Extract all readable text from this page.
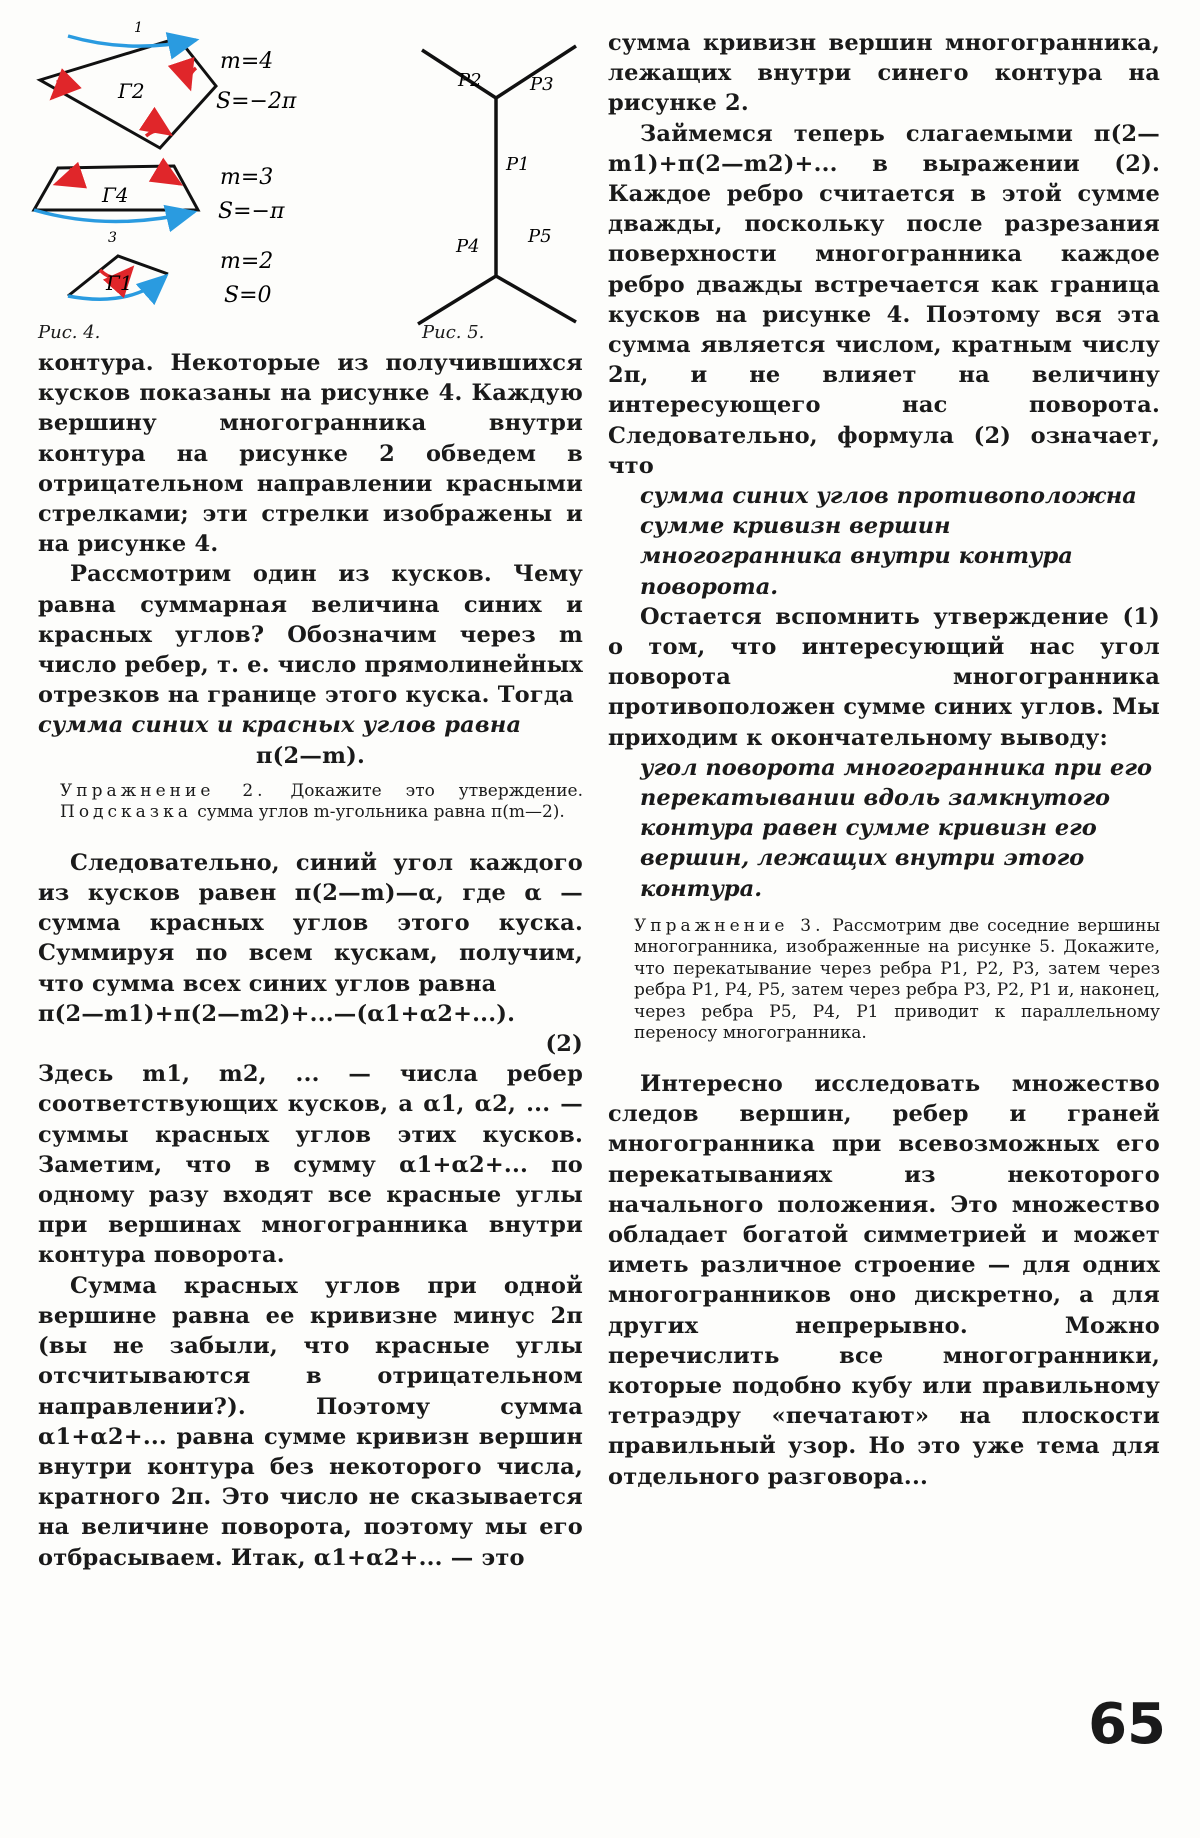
1
Γ2
m=4
S=−2π
Γ4
3
m=3
S=−π
Γ1
m=2
S=0
Рис. 4.
P2	P3
P1
P4	P5
Рис. 5.

контура. Некоторые из получившихся кусков показаны на рисунке 4. Каждую вершину многогранника внутри контура на рисунке 2 обведем в отрицательном направлении красными стрелками; эти стрелки изображены и на рисунке 4.

Рассмотрим один из кусков. Чему равна суммарная величина синих и красных углов? Обозначим через m число ребер, т. е. число прямолинейных отрезков на границе этого куска. Тогда

сумма синих и красных углов равна

π(2—m).

Упражнение 2. Докажите это утверждение. Подсказка сумма углов m-угольника равна π(m—2).

Следовательно, синий угол каждого из кусков равен π(2—m)—α, где α — сумма красных углов этого куска. Суммируя по всем кускам, получим, что сумма всех синих углов равна

π(2—m1)+π(2—m2)+...—(α1+α2+...).

(2)

Здесь m1, m2, ... — числа ребер соответствующих кусков, а α1, α2, ... — суммы красных углов этих кусков. Заметим, что в сумму α1+α2+... по одному разу входят все красные углы при вершинах многогранника внутри контура поворота.

Сумма красных углов при одной вершине равна ее кривизне минус 2π (вы не забыли, что красные углы отсчитываются в отрицательном направлении?). Поэтому сумма α1+α2+... равна сумме кривизн вершин внутри контура без некоторого числа, кратного 2π. Это число не сказывается на величине поворота, поэтому мы его отбрасываем. Итак, α1+α2+... — это

сумма кривизн вершин многогранника, лежащих внутри синего контура на рисунке 2.

Займемся теперь слагаемыми π(2—m1)+π(2—m2)+... в выражении (2). Каждое ребро считается в этой сумме дважды, поскольку после разрезания поверхности многогранника каждое ребро дважды встречается как граница кусков на рисунке 4. Поэтому вся эта сумма является числом, кратным числу 2π, и не влияет на величину интересующего нас поворота. Следовательно, формула (2) означает, что

сумма синих углов противоположна сумме кривизн вершин многогранника внутри контура поворота.

Остается вспомнить утверждение (1) о том, что интересующий нас угол поворота многогранника противоположен сумме синих углов. Мы приходим к окончательному выводу:

угол поворота многогранника при его перекатывании вдоль замкнутого контура равен сумме кривизн его вершин, лежащих внутри этого контура.

Упражнение 3. Рассмотрим две соседние вершины многогранника, изображенные на рисунке 5. Докажите, что перекатывание через ребра P1, P2, P3, затем через ребра P1, P4, P5, затем через ребра P3, P2, P1 и, наконец, через ребра P5, P4, P1 приводит к параллельному переносу многогранника.

Интересно исследовать множество следов вершин, ребер и граней многогранника при всевозможных его перекатываниях из некоторого начального положения. Это множество обладает богатой симметрией и может иметь различное строение — для одних многогранников оно дискретно, а для других непрерывно. Можно перечислить все многогранники, которые подобно кубу или правильному тетраэдру «печатают» на плоскости правильный узор. Но это уже тема для отдельного разговора...

65
